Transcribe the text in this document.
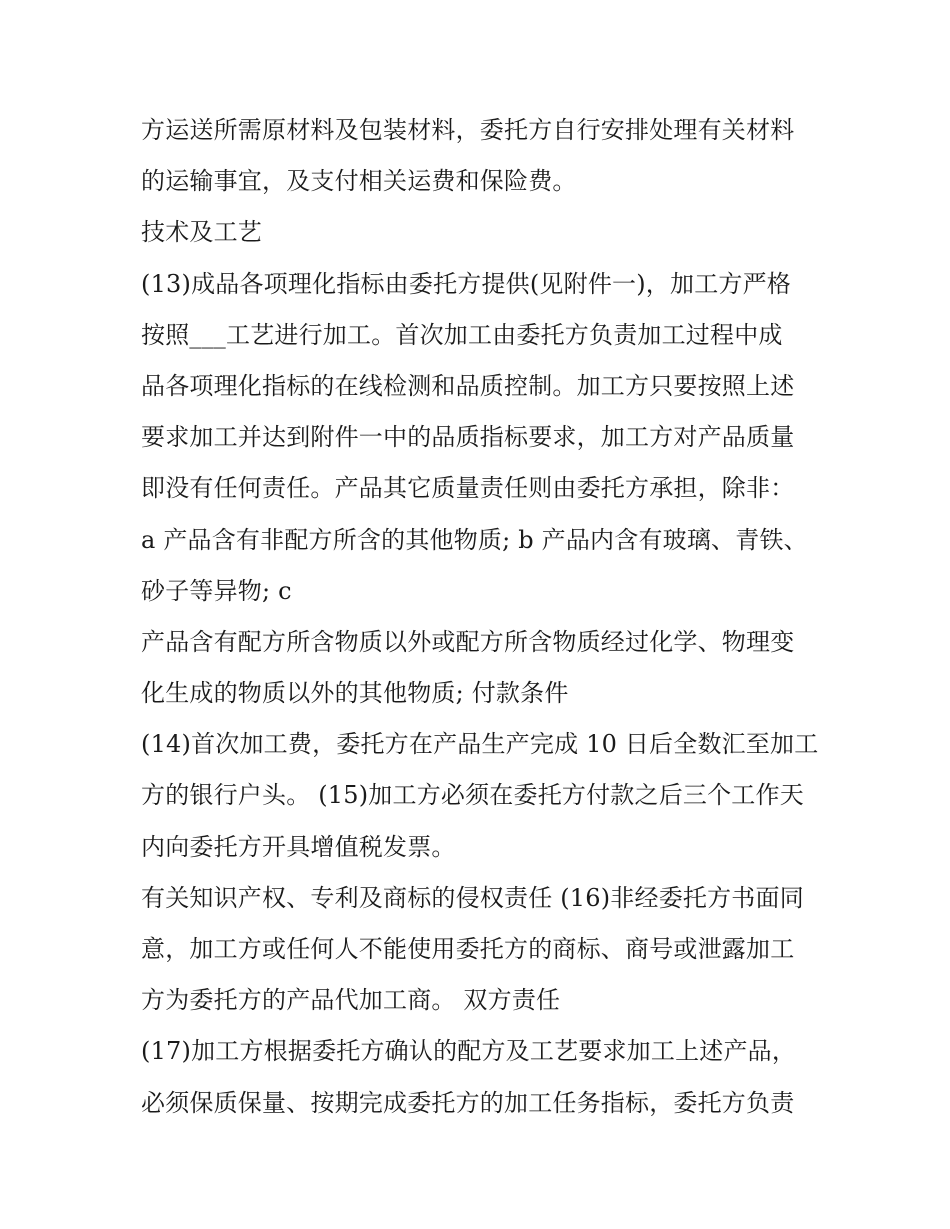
方运送所需原材料及包装材料，委托方自行安排处理有关材料
的运输事宜，及支付相关运费和保险费。
技术及工艺
(13)成品各项理化指标由委托方提供(见附件一)，加工方严格
按照___工艺进行加工。首次加工由委托方负责加工过程中成
品各项理化指标的在线检测和品质控制。加工方只要按照上述
要求加工并达到附件一中的品质指标要求，加工方对产品质量
即没有任何责任。产品其它质量责任则由委托方承担，除非：
a 产品含有非配方所含的其他物质; b 产品内含有玻璃、青铁、
砂子等异物; c
产品含有配方所含物质以外或配方所含物质经过化学、物理变
化生成的物质以外的其他物质; 付款条件
(14)首次加工费，委托方在产品生产完成 10 日后全数汇至加工
方的银行户头。 (15)加工方必须在委托方付款之后三个工作天
内向委托方开具增值税发票。
有关知识产权、专利及商标的侵权责任 (16)非经委托方书面同
意，加工方或任何人不能使用委托方的商标、商号或泄露加工
方为委托方的产品代加工商。 双方责任
(17)加工方根据委托方确认的配方及工艺要求加工上述产品，
必须保质保量、按期完成委托方的加工任务指标，委托方负责
